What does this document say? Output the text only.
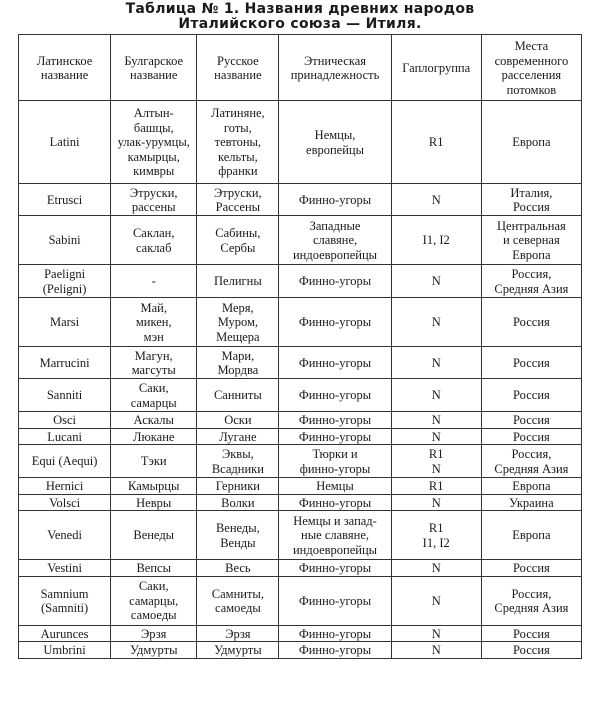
Таблица № 1. Названия древних народов
Италийского союза — Итиля.
Латинское название	Булгарское название	Русское название	Этническая принадлежность	Гаплогруппа	Места современного расселения потомков
Latini	Алтын-башцы,
улак-урумцы,
камырцы,
кимвры	Латиняне,
готы,
тевтоны,
кельты,
франки	Немцы,
европейцы	R1	Европа
Etrusci	Этруски,
рассены	Этруски,
Рассены	Финно-угоры	N	Италия,
Россия
Sabini	Саклан,
саклаб	Сабины,
Сербы	Западные
славяне,
индоевропейцы	I1, I2	Центральная
и северная
Европа
Paeligni
(Peligni)	-	Пелигны	Финно-угоры	N	Россия,
Средняя Азия
Marsi	Май,
микен,
мэн	Меря,
Муром,
Мещера	Финно-угоры	N	Россия
Marrucini	Магун,
магсуты	Мари,
Мордва	Финно-угоры	N	Россия
Sanniti	Саки,
самарцы	Санниты	Финно-угоры	N	Россия
Osci	Аскалы	Оски	Финно-угоры	N	Россия
Lucani	Люкане	Лугане	Финно-угоры	N	Россия
Equi (Aequi)	Тэки	Эквы,
Всадники	Тюрки и
финно-угоры	R1
N	Россия,
Средняя Азия
Hernici	Камырцы	Герники	Немцы	R1	Европа
Volsci	Невры	Волки	Финно-угоры	N	Украина
Venedi	Венеды	Венеды,
Венды	Немцы и запад-
ные славяне,
индоевропейцы	R1
I1, I2	Европа
Vestini	Вепсы	Весь	Финно-угоры	N	Россия
Samnium
(Samniti)	Саки,
самарцы,
самоеды	Самниты,
самоеды	Финно-угоры	N	Россия,
Средняя Азия
Aurunces	Эрзя	Эрзя	Финно-угоры	N	Россия
Umbrini	Удмурты	Удмурты	Финно-угоры	N	Россия
